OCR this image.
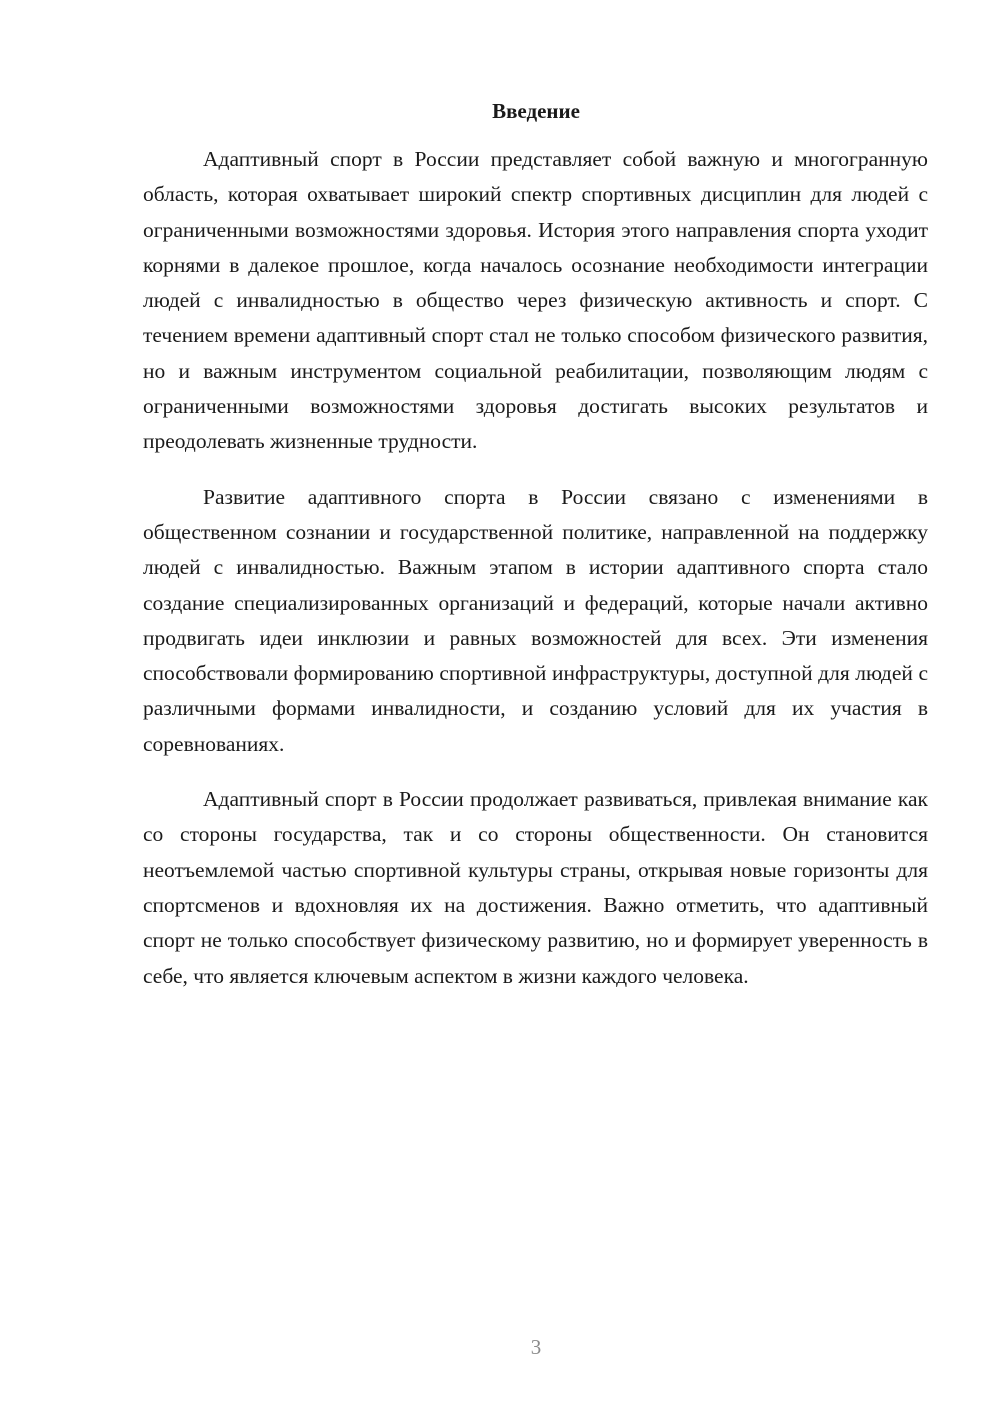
Введение

Адаптивный спорт в России представляет собой важную и многогранную область, которая охватывает широкий спектр спортивных дисциплин для людей с ограниченными возможностями здоровья. История этого направления спорта уходит корнями в далекое прошлое, когда началось осознание необходимости интеграции людей с инвалидностью в общество через физическую активность и спорт. С течением времени адаптивный спорт стал не только способом физического развития, но и важным инструментом социальной реабилитации, позволяющим людям с ограниченными возможностями здоровья достигать высоких результатов и преодолевать жизненные трудности.

Развитие адаптивного спорта в России связано с изменениями в общественном сознании и государственной политике, направленной на поддержку людей с инвалидностью. Важным этапом в истории адаптивного спорта стало создание специализированных организаций и федераций, которые начали активно продвигать идеи инклюзии и равных возможностей для всех. Эти изменения способствовали формированию спортивной инфраструктуры, доступной для людей с различными формами инвалидности, и созданию условий для их участия в соревнованиях.

Адаптивный спорт в России продолжает развиваться, привлекая внимание как со стороны государства, так и со стороны общественности. Он становится неотъемлемой частью спортивной культуры страны, открывая новые горизонты для спортсменов и вдохновляя их на достижения. Важно отметить, что адаптивный спорт не только способствует физическому развитию, но и формирует уверенность в себе, что является ключевым аспектом в жизни каждого человека.

3
